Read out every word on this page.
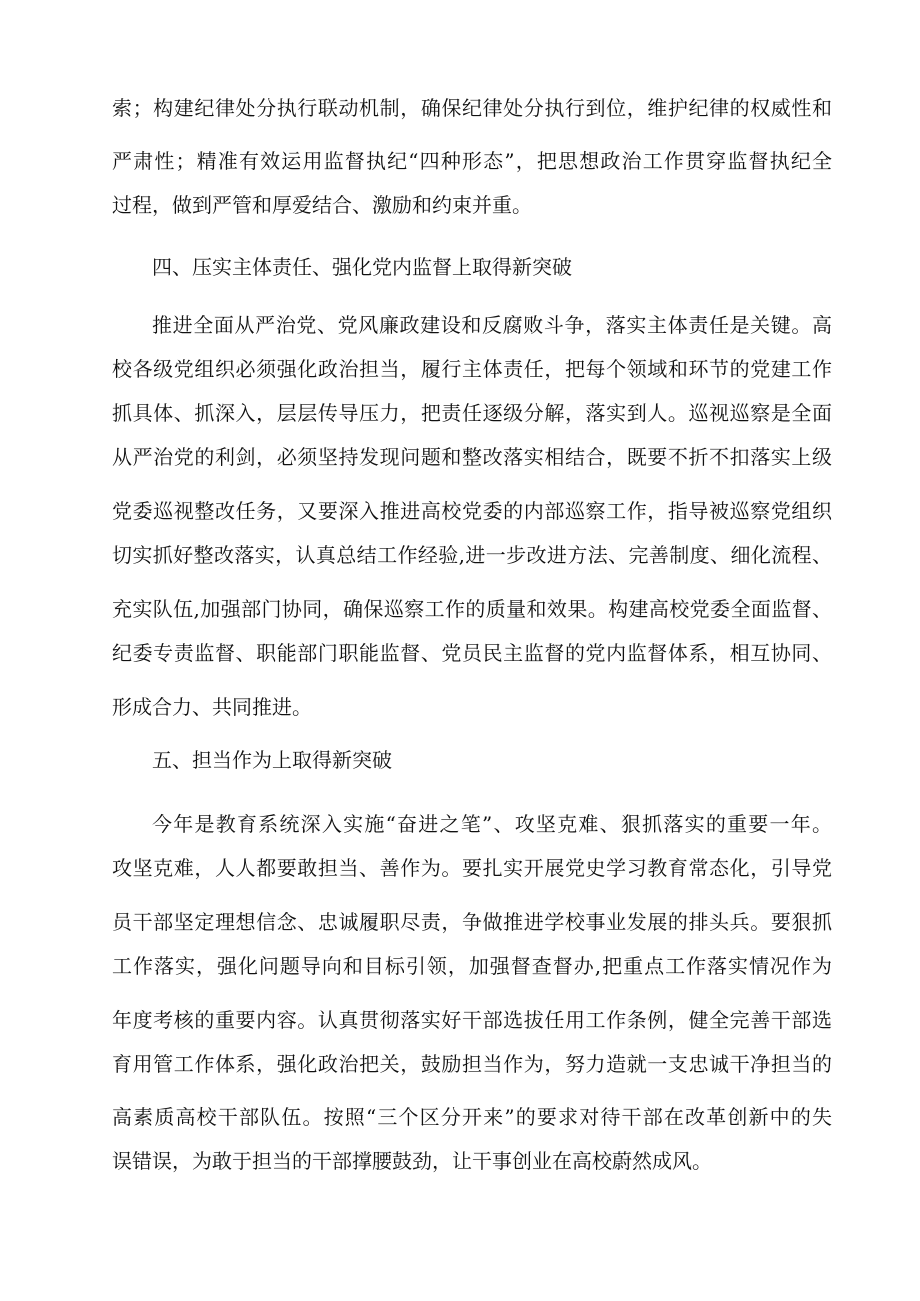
索；构建纪律处分执行联动机制，确保纪律处分执行到位，维护纪律的权威性和
严肃性；精准有效运用监督执纪“四种形态”，把思想政治工作贯穿监督执纪全
过程，做到严管和厚爱结合、激励和约束并重。
四、压实主体责任、强化党内监督上取得新突破
推进全面从严治党、党风廉政建设和反腐败斗争，落实主体责任是关键。高
校各级党组织必须强化政治担当，履行主体责任，把每个领域和环节的党建工作
抓具体、抓深入，层层传导压力，把责任逐级分解，落实到人。巡视巡察是全面
从严治党的利剑，必须坚持发现问题和整改落实相结合，既要不折不扣落实上级
党委巡视整改任务，又要深入推进高校党委的内部巡察工作，指导被巡察党组织
切实抓好整改落实，认真总结工作经验,进一步改进方法、完善制度、细化流程、
充实队伍,加强部门协同，确保巡察工作的质量和效果。构建高校党委全面监督、
纪委专责监督、职能部门职能监督、党员民主监督的党内监督体系，相互协同、
形成合力、共同推进。
五、担当作为上取得新突破
今年是教育系统深入实施“奋进之笔”、攻坚克难、狠抓落实的重要一年。
攻坚克难，人人都要敢担当、善作为。要扎实开展党史学习教育常态化，引导党
员干部坚定理想信念、忠诚履职尽责，争做推进学校事业发展的排头兵。要狠抓
工作落实，强化问题导向和目标引领，加强督查督办,把重点工作落实情况作为
年度考核的重要内容。认真贯彻落实好干部选拔任用工作条例，健全完善干部选
育用管工作体系，强化政治把关，鼓励担当作为，努力造就一支忠诚干净担当的
高素质高校干部队伍。按照“三个区分开来”的要求对待干部在改革创新中的失
误错误，为敢于担当的干部撑腰鼓劲，让干事创业在高校蔚然成风。
